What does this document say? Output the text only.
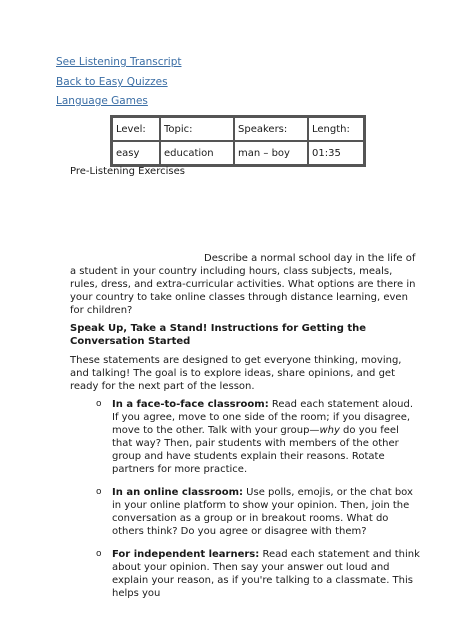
See Listening Transcript
Back to Easy Quizzes
Language Games
Level:	Topic:	Speakers:	Length:
easy	education	man – boy	01:35
Pre-Listening Exercises
Describe a normal school day in the life of a student in your country including hours, class subjects, meals, rules, dress, and extra-curricular activities. What options are there in your country to take online classes through distance learning, even for children?
Speak Up, Take a Stand! Instructions for Getting the Conversation Started
These statements are designed to get everyone thinking, moving, and talking! The goal is to explore ideas, share opinions, and get ready for the next part of the lesson.
o In a face-to-face classroom: Read each statement aloud. If you agree, move to one side of the room; if you disagree, move to the other. Talk with your group—why do you feel that way? Then, pair students with members of the other group and have students explain their reasons. Rotate partners for more practice.
o In an online classroom: Use polls, emojis, or the chat box in your online platform to show your opinion. Then, join the conversation as a group or in breakout rooms. What do others think? Do you agree or disagree with them?
o For independent learners: Read each statement and think about your opinion. Then say your answer out loud and explain your reason, as if you're talking to a classmate. This helps you
